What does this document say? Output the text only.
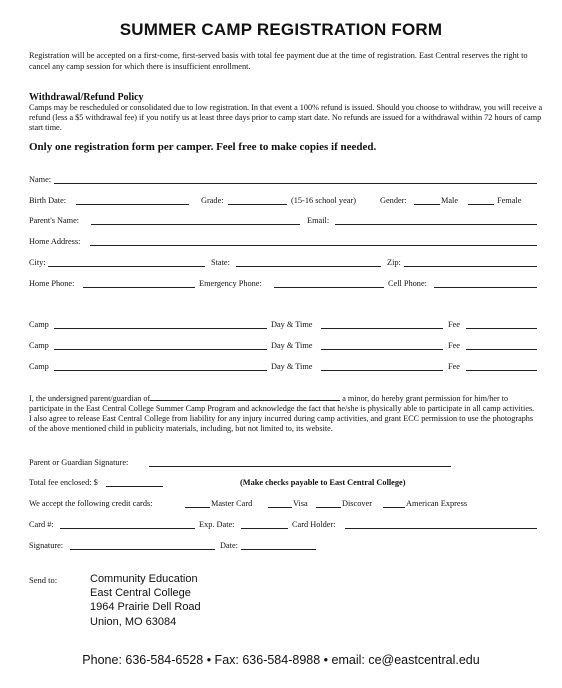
SUMMER CAMP REGISTRATION FORM
Registration will be accepted on a first-come, first-served basis with total fee payment due at the time of registration. East Central reserves the right to cancel any camp session for which there is insufficient enrollment.
Withdrawal/Refund Policy
Camps may be rescheduled or consolidated due to low registration. In that event a 100% refund is issued. Should you choose to withdraw, you will receive a refund (less a $5 withdrawal fee) if you notify us at least three days prior to camp start date. No refunds are issued for a withdrawal within 72 hours of camp start time.
Only one registration form per camper. Feel free to make copies if needed.
Name:
Birth Date:	Grade:	(15-16 school year)	Gender:	Male	Female
Parent's Name:	Email:
Home Address:
City:	State:	Zip:
Home Phone:	Emergency Phone:	Cell Phone:
Camp	Day & Time	Fee
Camp	Day & Time	Fee
Camp	Day & Time	Fee
I, the undersigned parent/guardian of	a minor, do hereby grant permission for him/her to participate in the East Central College Summer Camp Program and acknowledge the fact that he/she is physically able to participate in all camp activities. I also agree to release East Central College from liability for any injury incurred during camp activities, and grant ECC permission to use the photographs of the above mentioned child in publicity materials, including, but not limited to, its website.
Parent or Guardian Signature:
Total fee enclosed: $	(Make checks payable to East Central College)
We accept the following credit cards:	Master Card	Visa	Discover	American Express
Card #:	Exp. Date:	Card Holder:
Signature:	Date:
Send to:	Community Education
East Central College
1964 Prairie Dell Road
Union, MO 63084
Phone: 636-584-6528 • Fax: 636-584-8988 • email: ce@eastcentral.edu
